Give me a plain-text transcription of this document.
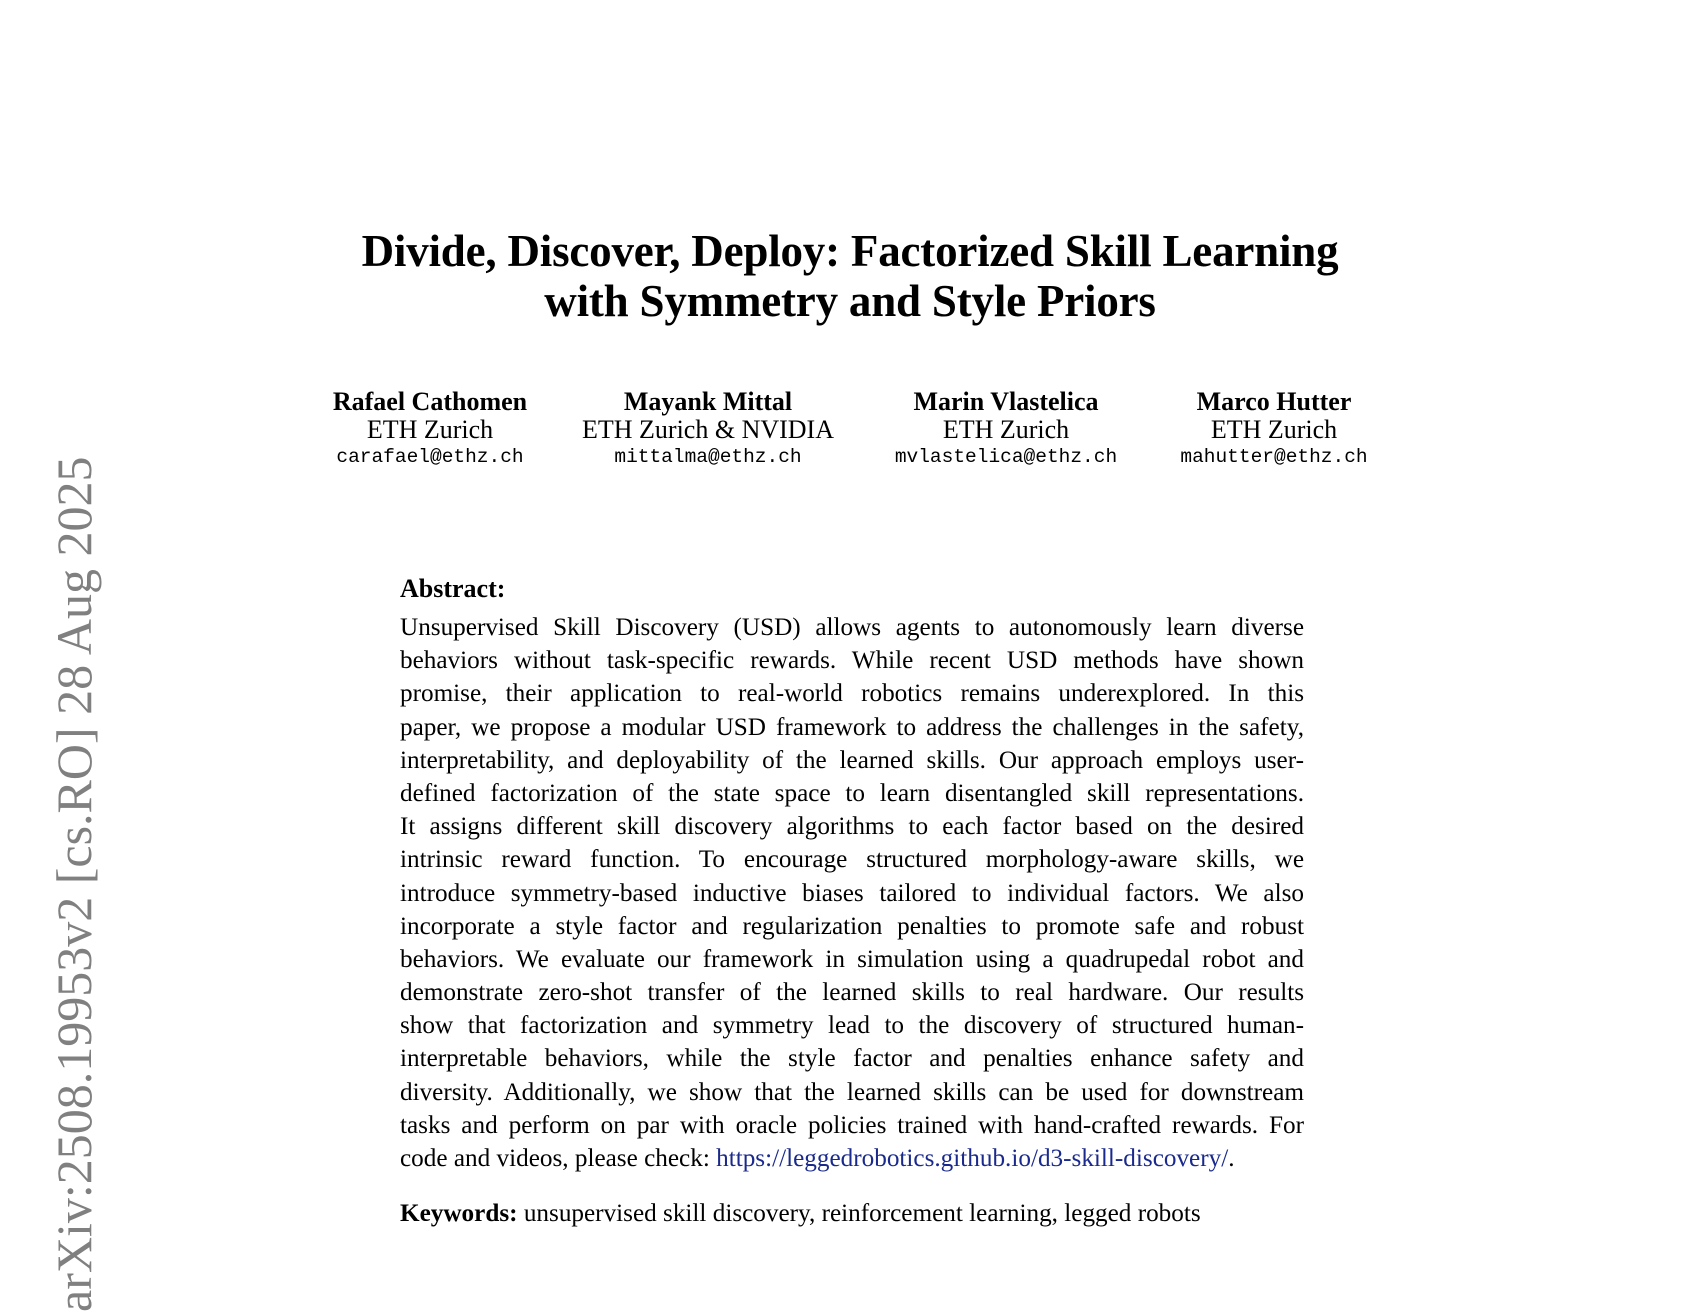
arXiv:2508.19953v2 [cs.RO] 28 Aug 2025
Divide, Discover, Deploy: Factorized Skill Learning
with Symmetry and Style Priors
Rafael Cathomen
ETH Zurich
carafael@ethz.ch
Mayank Mittal
ETH Zurich & NVIDIA
mittalma@ethz.ch
Marin Vlastelica
ETH Zurich
mvlastelica@ethz.ch
Marco Hutter
ETH Zurich
mahutter@ethz.ch
Abstract:
Unsupervised Skill Discovery (USD) allows agents to autonomously learn diverse
behaviors without task-specific rewards. While recent USD methods have shown
promise, their application to real-world robotics remains underexplored. In this
paper, we propose a modular USD framework to address the challenges in the safety,
interpretability, and deployability of the learned skills. Our approach employs user-
defined factorization of the state space to learn disentangled skill representations.
It assigns different skill discovery algorithms to each factor based on the desired
intrinsic reward function. To encourage structured morphology-aware skills, we
introduce symmetry-based inductive biases tailored to individual factors. We also
incorporate a style factor and regularization penalties to promote safe and robust
behaviors. We evaluate our framework in simulation using a quadrupedal robot and
demonstrate zero-shot transfer of the learned skills to real hardware. Our results
show that factorization and symmetry lead to the discovery of structured human-
interpretable behaviors, while the style factor and penalties enhance safety and
diversity. Additionally, we show that the learned skills can be used for downstream
tasks and perform on par with oracle policies trained with hand-crafted rewards. For
code and videos, please check: https://leggedrobotics.github.io/d3-skill-discovery/.
Keywords: unsupervised skill discovery, reinforcement learning, legged robots
